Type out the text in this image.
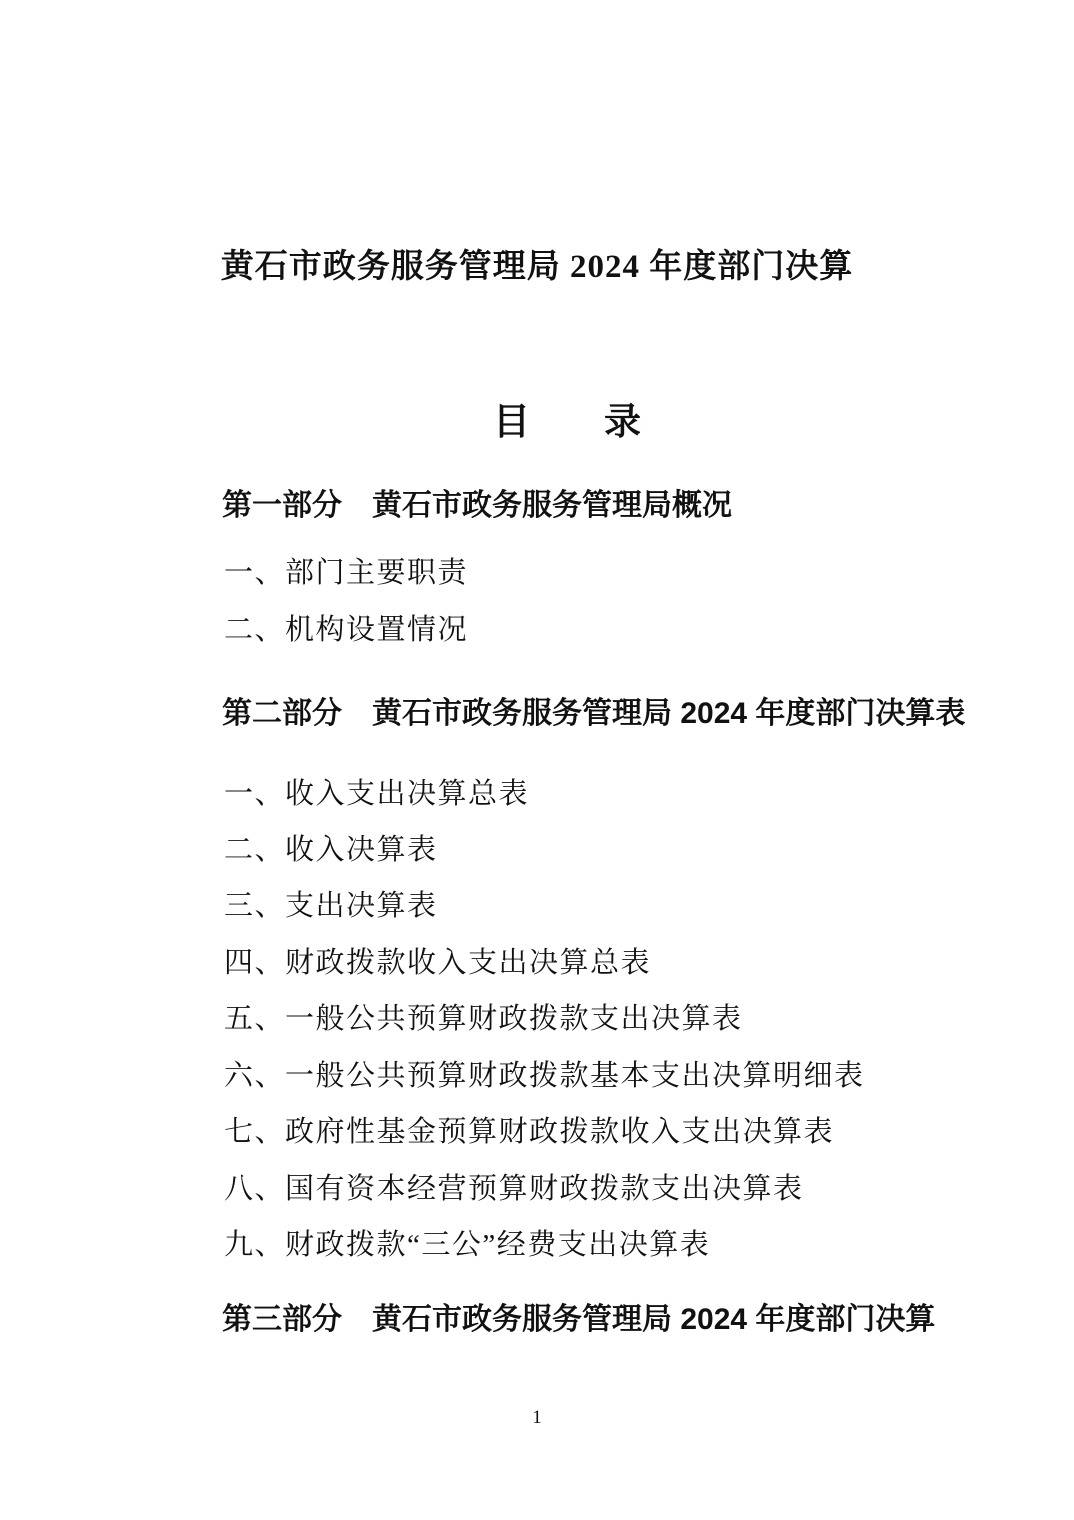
黄石市政务服务管理局 2024 年度部门决算
目　　录
第一部分　黄石市政务服务管理局概况
一、部门主要职责
二、机构设置情况
第二部分　黄石市政务服务管理局 2024 年度部门决算表
一、收入支出决算总表
二、收入决算表
三、支出决算表
四、财政拨款收入支出决算总表
五、一般公共预算财政拨款支出决算表
六、一般公共预算财政拨款基本支出决算明细表
七、政府性基金预算财政拨款收入支出决算表
八、国有资本经营预算财政拨款支出决算表
九、财政拨款“三公”经费支出决算表
第三部分　黄石市政务服务管理局 2024 年度部门决算
1
